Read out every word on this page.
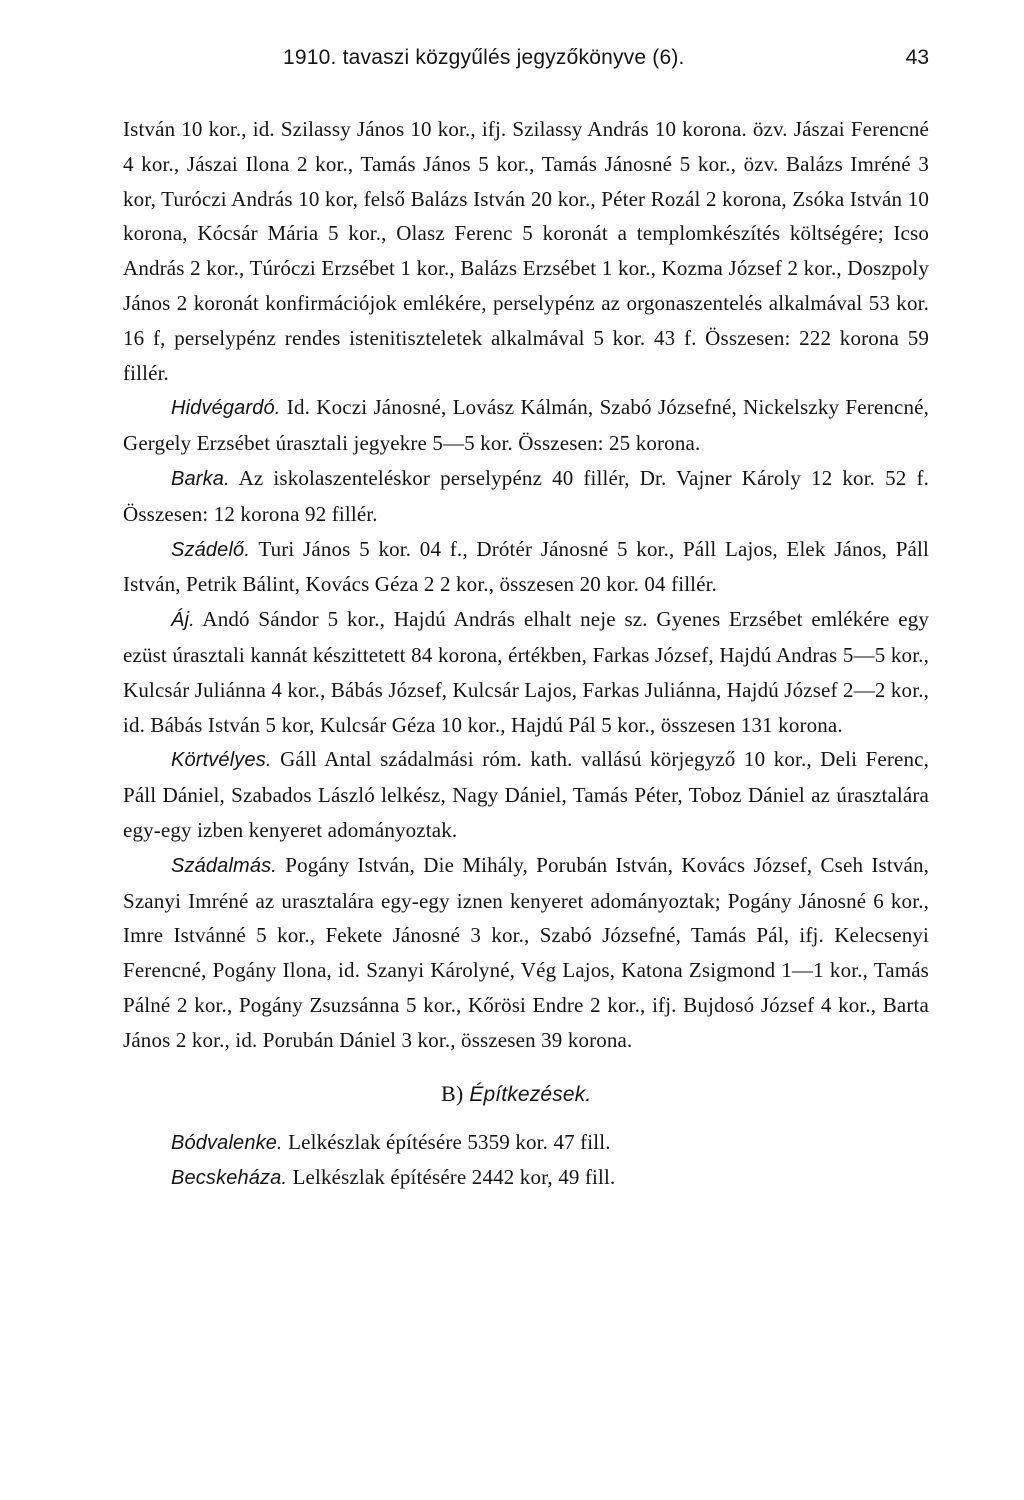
1910. tavaszi közgyűlés jegyzőkönyve (6).	43

István 10 kor., id. Szilassy János 10 kor., ifj. Szilassy András 10 korona. özv. Jászai Ferencné 4 kor., Jászai Ilona 2 kor., Tamás János 5 kor., Tamás Jánosné 5 kor., özv. Balázs Imréné 3 kor, Turóczi András 10 kor, felső Balázs István 20 kor., Péter Rozál 2 korona, Zsóka István 10 korona, Kócsár Mária 5 kor., Olasz Ferenc 5 koronát a templomkészítés költségére; Icso András 2 kor., Túróczi Erzsébet 1 kor., Balázs Erzsébet 1 kor., Kozma József 2 kor., Doszpoly János 2 koronát konfirmációjok emlékére, perselypénz az orgonaszentelés alkalmával 53 kor. 16 f, perselypénz rendes istenitiszteletek alkalmával 5 kor. 43 f. Összesen: 222 korona 59 fillér.

Hidvégardó. Id. Koczi Jánosné, Lovász Kálmán, Szabó Józsefné, Nickelszky Ferencné, Gergely Erzsébet úrasztali jegyekre 5—5 kor. Összesen: 25 korona.

Barka. Az iskolaszenteléskor perselypénz 40 fillér, Dr. Vajner Károly 12 kor. 52 f. Összesen: 12 korona 92 fillér.

Szádelő. Turi János 5 kor. 04 f., Drótér Jánosné 5 kor., Páll Lajos, Elek János, Páll István, Petrik Bálint, Kovács Géza 2 2 kor., összesen 20 kor. 04 fillér.

Áj. Andó Sándor 5 kor., Hajdú András elhalt neje sz. Gyenes Erzsébet emlékére egy ezüst úrasztali kannát készittetett 84 korona, értékben, Farkas József, Hajdú Andras 5—5 kor., Kulcsár Juliánna 4 kor., Bábás József, Kulcsár Lajos, Farkas Juliánna, Hajdú József 2—2 kor., id. Bábás István 5 kor, Kulcsár Géza 10 kor., Hajdú Pál 5 kor., összesen 131 korona.

Körtvélyes. Gáll Antal szádalmási róm. kath. vallású körjegyző 10 kor., Deli Ferenc, Páll Dániel, Szabados László lelkész, Nagy Dániel, Tamás Péter, Toboz Dániel az úrasztalára egy-egy izben kenyeret adományoztak.

Szádalmás. Pogány István, Die Mihály, Porubán István, Kovács József, Cseh István, Szanyi Imréné az urasztalára egy-egy iznen kenyeret adományoztak; Pogány Jánosné 6 kor., Imre Istvánné 5 kor., Fekete Jánosné 3 kor., Szabó Józsefné, Tamás Pál, ifj. Kelecsenyi Ferencné, Pogány Ilona, id. Szanyi Károlyné, Vég Lajos, Katona Zsigmond 1—1 kor., Tamás Pálné 2 kor., Pogány Zsuzsánna 5 kor., Kőrösi Endre 2 kor., ifj. Bujdosó József 4 kor., Barta János 2 kor., id. Porubán Dániel 3 kor., összesen 39 korona.

B) Építkezések.

Bódvalenke. Lelkészlak építésére 5359 kor. 47 fill.

Becskeháza. Lelkészlak építésére 2442 kor, 49 fill.
